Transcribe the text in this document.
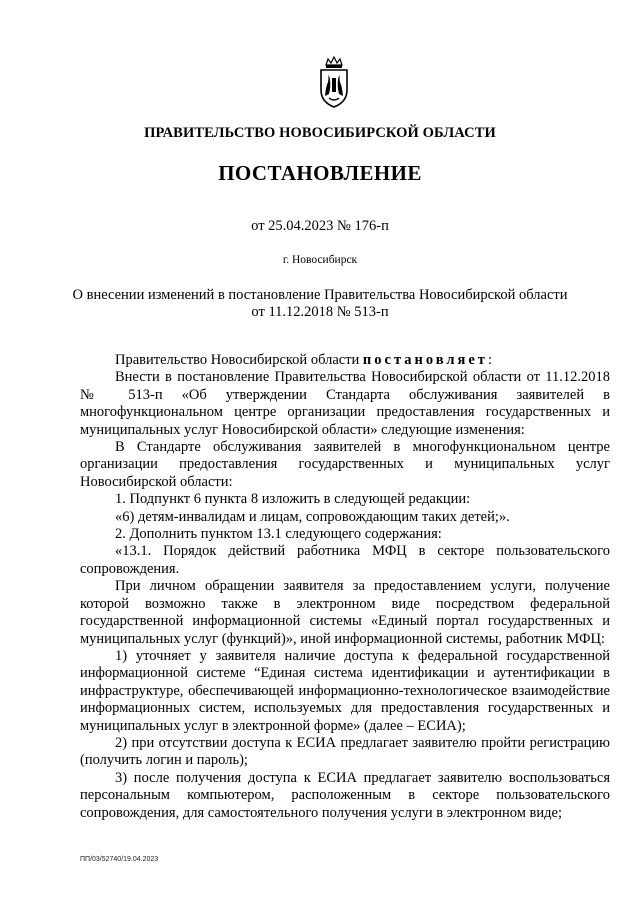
ПРАВИТЕЛЬСТВО НОВОСИБИРСКОЙ ОБЛАСТИ
ПОСТАНОВЛЕНИЕ
от 25.04.2023 № 176-п
г. Новосибирск
О внесении изменений в постановление Правительства Новосибирской области
от 11.12.2018 № 513-п

Правительство Новосибирской области постановляет:

Внести в постановление Правительства Новосибирской области от 11.12.2018 № 513-п «Об утверждении Стандарта обслуживания заявителей в многофункциональном центре организации предоставления государственных и муниципальных услуг Новосибирской области» следующие изменения:

В Стандарте обслуживания заявителей в многофункциональном центре организации предоставления государственных и муниципальных услуг Новосибирской области:

1. Подпункт 6 пункта 8 изложить в следующей редакции:

«6) детям-инвалидам и лицам, сопровождающим таких детей;».

2. Дополнить пунктом 13.1 следующего содержания:

«13.1. Порядок действий работника МФЦ в секторе пользовательского сопровождения.

При личном обращении заявителя за предоставлением услуги, получение которой возможно также в электронном виде посредством федеральной государственной информационной системы «Единый портал государственных и муниципальных услуг (функций)», иной информационной системы, работник МФЦ:

1) уточняет у заявителя наличие доступа к федеральной государственной информационной системе “Единая система идентификации и аутентификации в инфраструктуре, обеспечивающей информационно-технологическое взаимодействие информационных систем, используемых для предоставления государственных и муниципальных услуг в электронной форме» (далее – ЕСИА);

2) при отсутствии доступа к ЕСИА предлагает заявителю пройти регистрацию (получить логин и пароль);

3) после получения доступа к ЕСИА предлагает заявителю воспользоваться персональным компьютером, расположенным в секторе пользовательского сопровождения, для самостоятельного получения услуги в электронном виде;

ПП/03/52740/19.04.2023
